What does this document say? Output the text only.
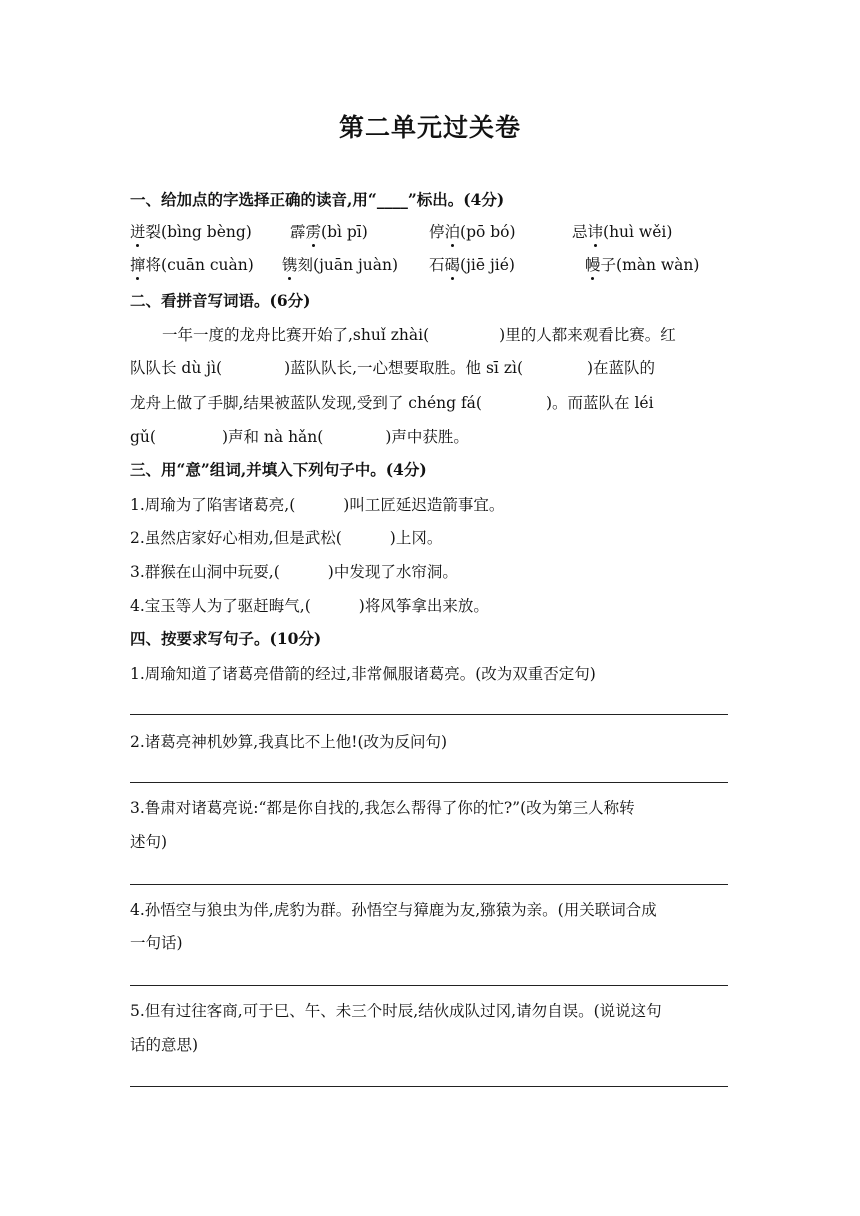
第二单元过关卷
一、给加点的字选择正确的读音,用“____”标出。(4分)
迸裂(bìng bèng) 霹雳(bì pī)	停泊(pō bó)	忌讳(huì wěi)
撺将(cuān cuàn) 镌刻(juān juàn) 石碣(jiē jié)	幔子(màn wàn)
二、看拼音写词语。(6分)
一年一度的龙舟比赛开始了,shuǐ zhài(	)里的人都来观看比赛。红
队队长 dù jì(	)蓝队队长,一心想要取胜。他 sī zì(	)在蓝队的
龙舟上做了手脚,结果被蓝队发现,受到了 chéng fá(	)。而蓝队在 léi
gǔ(	)声和 nà hǎn(	)声中获胜。
三、用“意”组词,并填入下列句子中。(4分)
1.周瑜为了陷害诸葛亮,(	)叫工匠延迟造箭事宜。
2.虽然店家好心相劝,但是武松(	)上冈。
3.群猴在山洞中玩耍,(	)中发现了水帘洞。
4.宝玉等人为了驱赶晦气,(	)将风筝拿出来放。
四、按要求写句子。(10分)
1.周瑜知道了诸葛亮借箭的经过,非常佩服诸葛亮。(改为双重否定句)
2.诸葛亮神机妙算,我真比不上他!(改为反问句)
3.鲁肃对诸葛亮说:“都是你自找的,我怎么帮得了你的忙?”(改为第三人称转
述句)
4.孙悟空与狼虫为伴,虎豹为群。孙悟空与獐鹿为友,猕猿为亲。(用关联词合成
一句话)
5.但有过往客商,可于巳、午、未三个时辰,结伙成队过冈,请勿自误。(说说这句
话的意思)
